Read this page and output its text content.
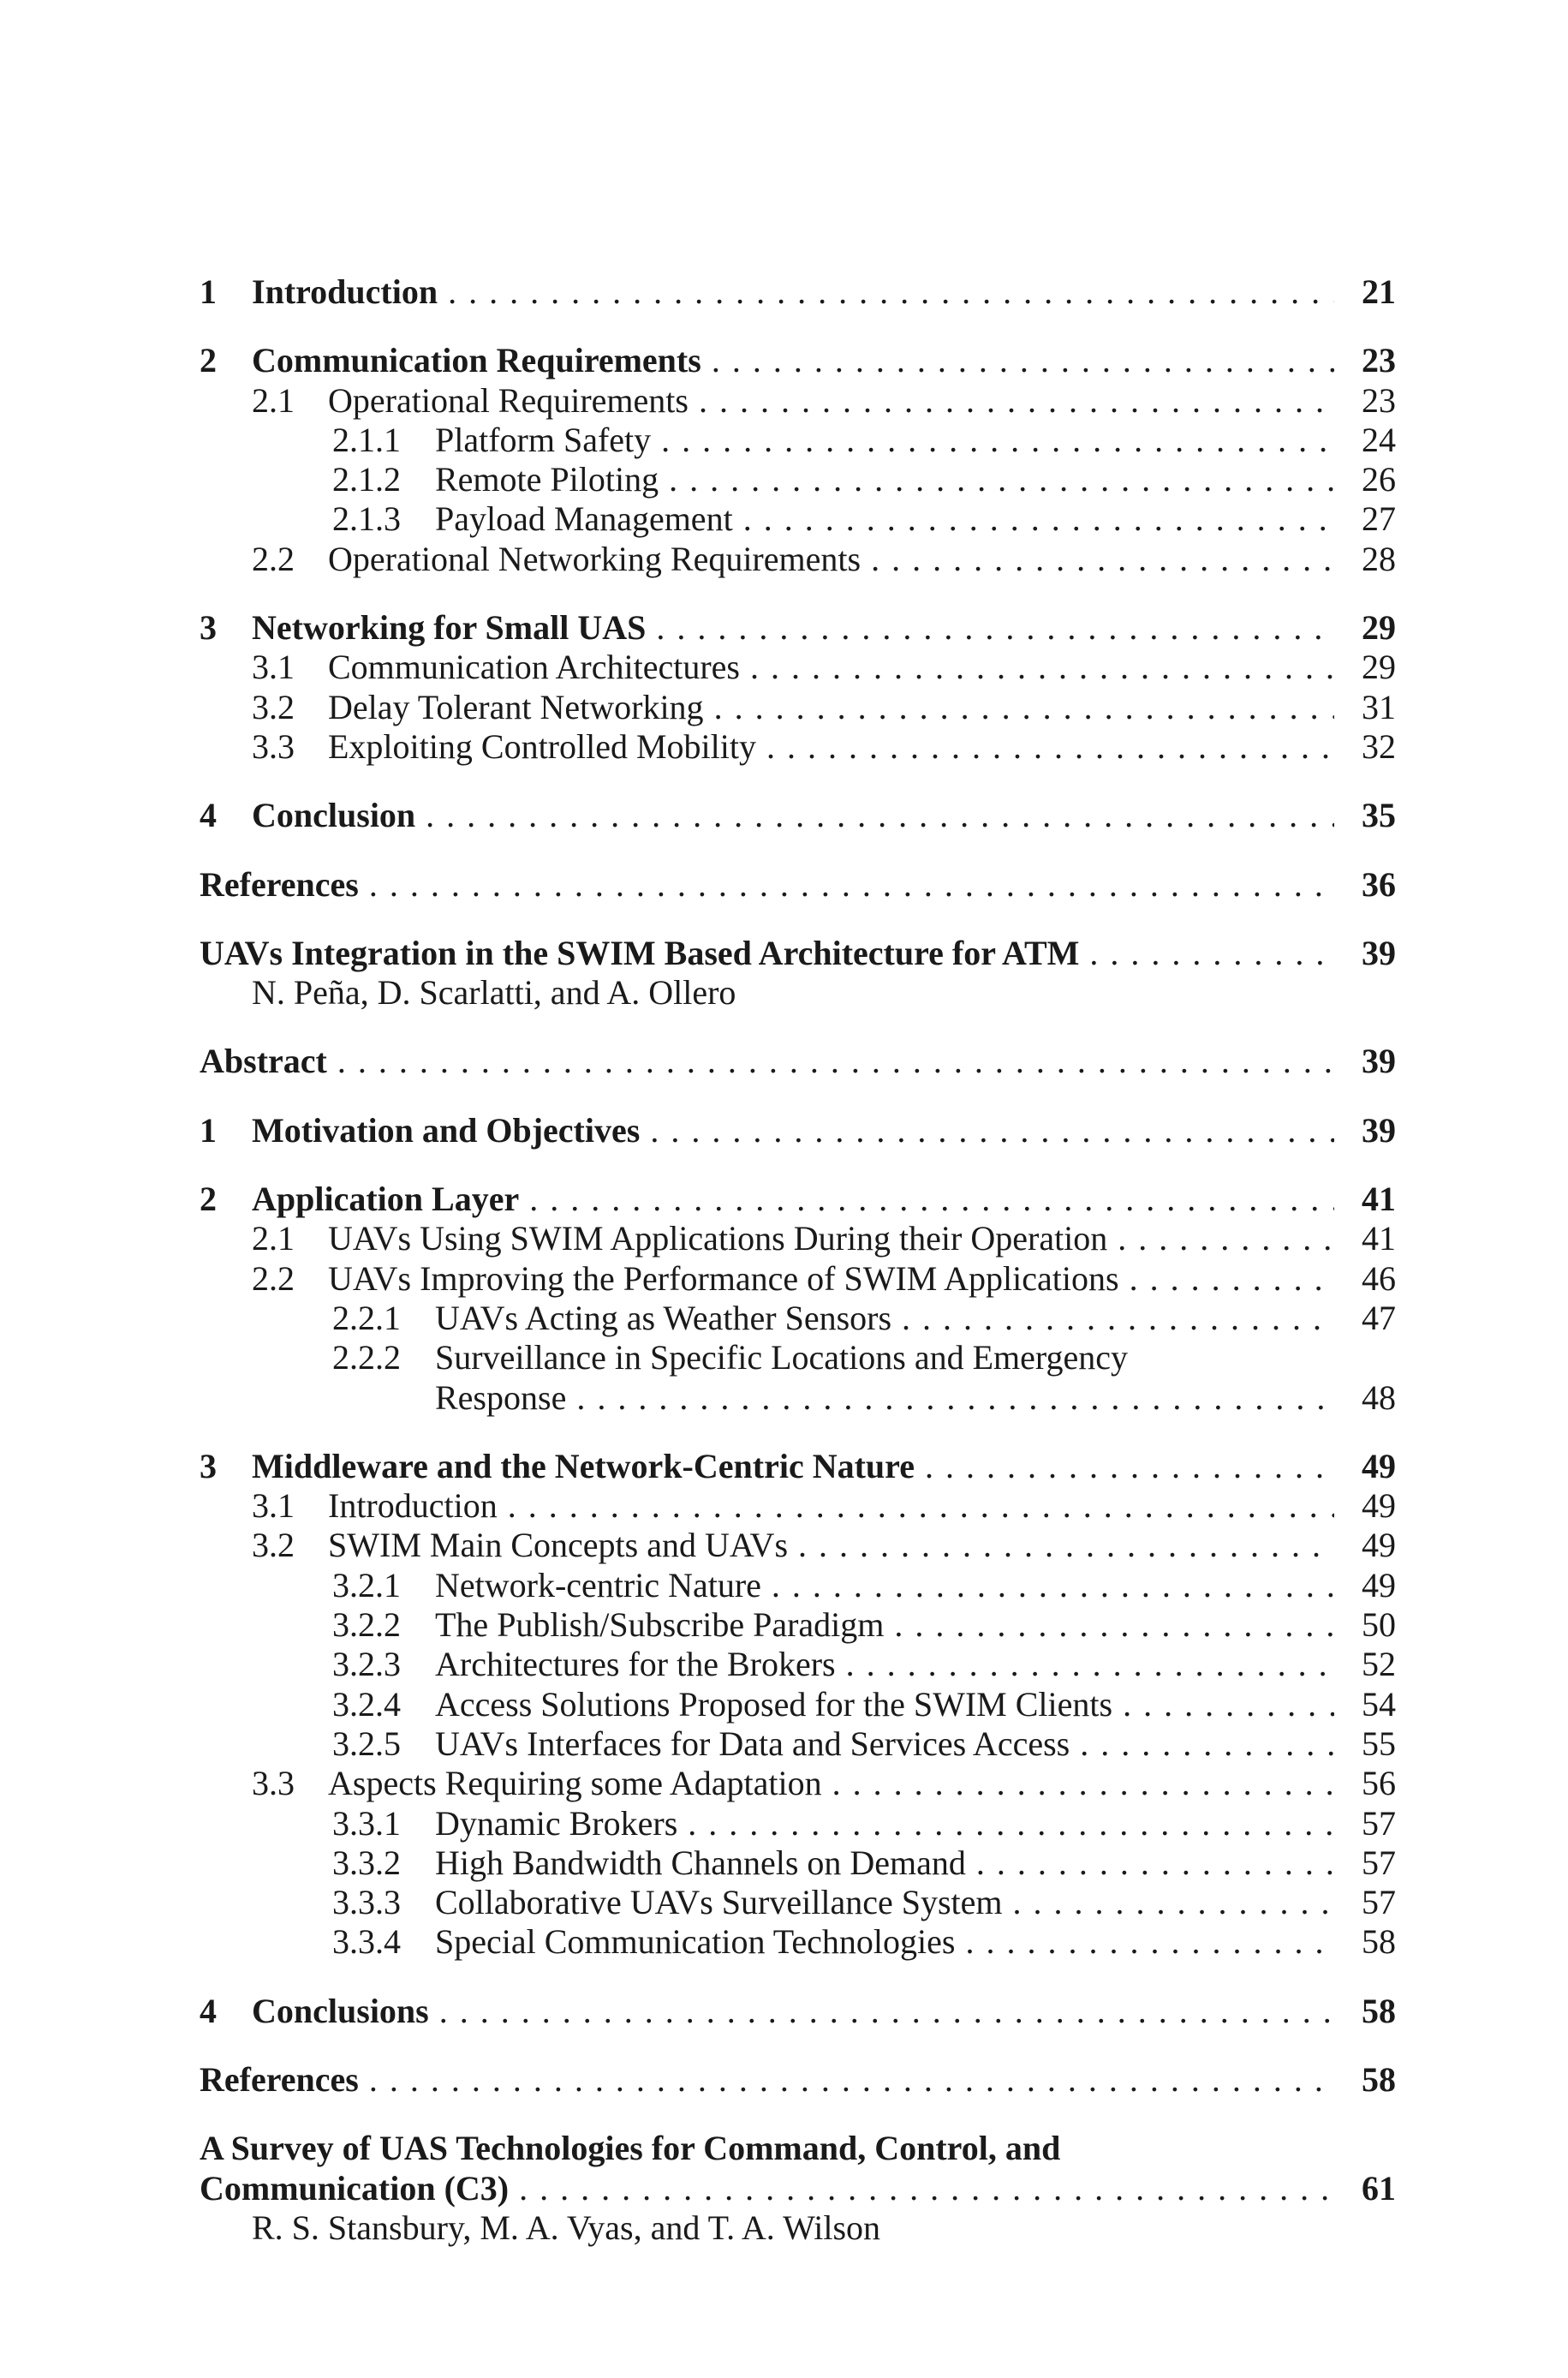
1	Introduction . . .	21
2	Communication Requirements . . .	23
2.1 Operational Requirements . . .	23
2.1.1	Platform Safety . . .	24
2.1.2	Remote Piloting . . .	26
2.1.3	Payload Management . . .	27
2.2 Operational Networking Requirements . . .	28
3	Networking for Small UAS . . .	29
3.1 Communication Architectures . . .	29
3.2 Delay Tolerant Networking . . .	31
3.3 Exploiting Controlled Mobility . . .	32
4	Conclusion . . .	35
References . . .	36
UAVs Integration in the SWIM Based Architecture for ATM . . .	39
N. Peña, D. Scarlatti, and A. Ollero
Abstract . . .	39
1	Motivation and Objectives . . .	39
2	Application Layer . . .	41
2.1 UAVs Using SWIM Applications During their Operation . . .	41
2.2 UAVs Improving the Performance of SWIM Applications . . .	46
2.2.1	UAVs Acting as Weather Sensors . . .	47
2.2.2	Surveillance in Specific Locations and Emergency
Response . . .	48
3	Middleware and the Network-Centric Nature . . .	49
3.1 Introduction . . .	49
3.2 SWIM Main Concepts and UAVs . . .	49
3.2.1	Network-centric Nature . . .	49
3.2.2	The Publish/Subscribe Paradigm . . .	50
3.2.3	Architectures for the Brokers . . .	52
3.2.4	Access Solutions Proposed for the SWIM Clients . . .	54
3.2.5	UAVs Interfaces for Data and Services Access . . .	55
3.3 Aspects Requiring some Adaptation . . .	56
3.3.1	Dynamic Brokers . . .	57
3.3.2	High Bandwidth Channels on Demand . . .	57
3.3.3	Collaborative UAVs Surveillance System . . .	57
3.3.4	Special Communication Technologies . . .	58
4	Conclusions . . .	58
References . . .	58
A Survey of UAS Technologies for Command, Control, and
Communication (C3) . . .	61
R. S. Stansbury, M. A. Vyas, and T. A. Wilson
